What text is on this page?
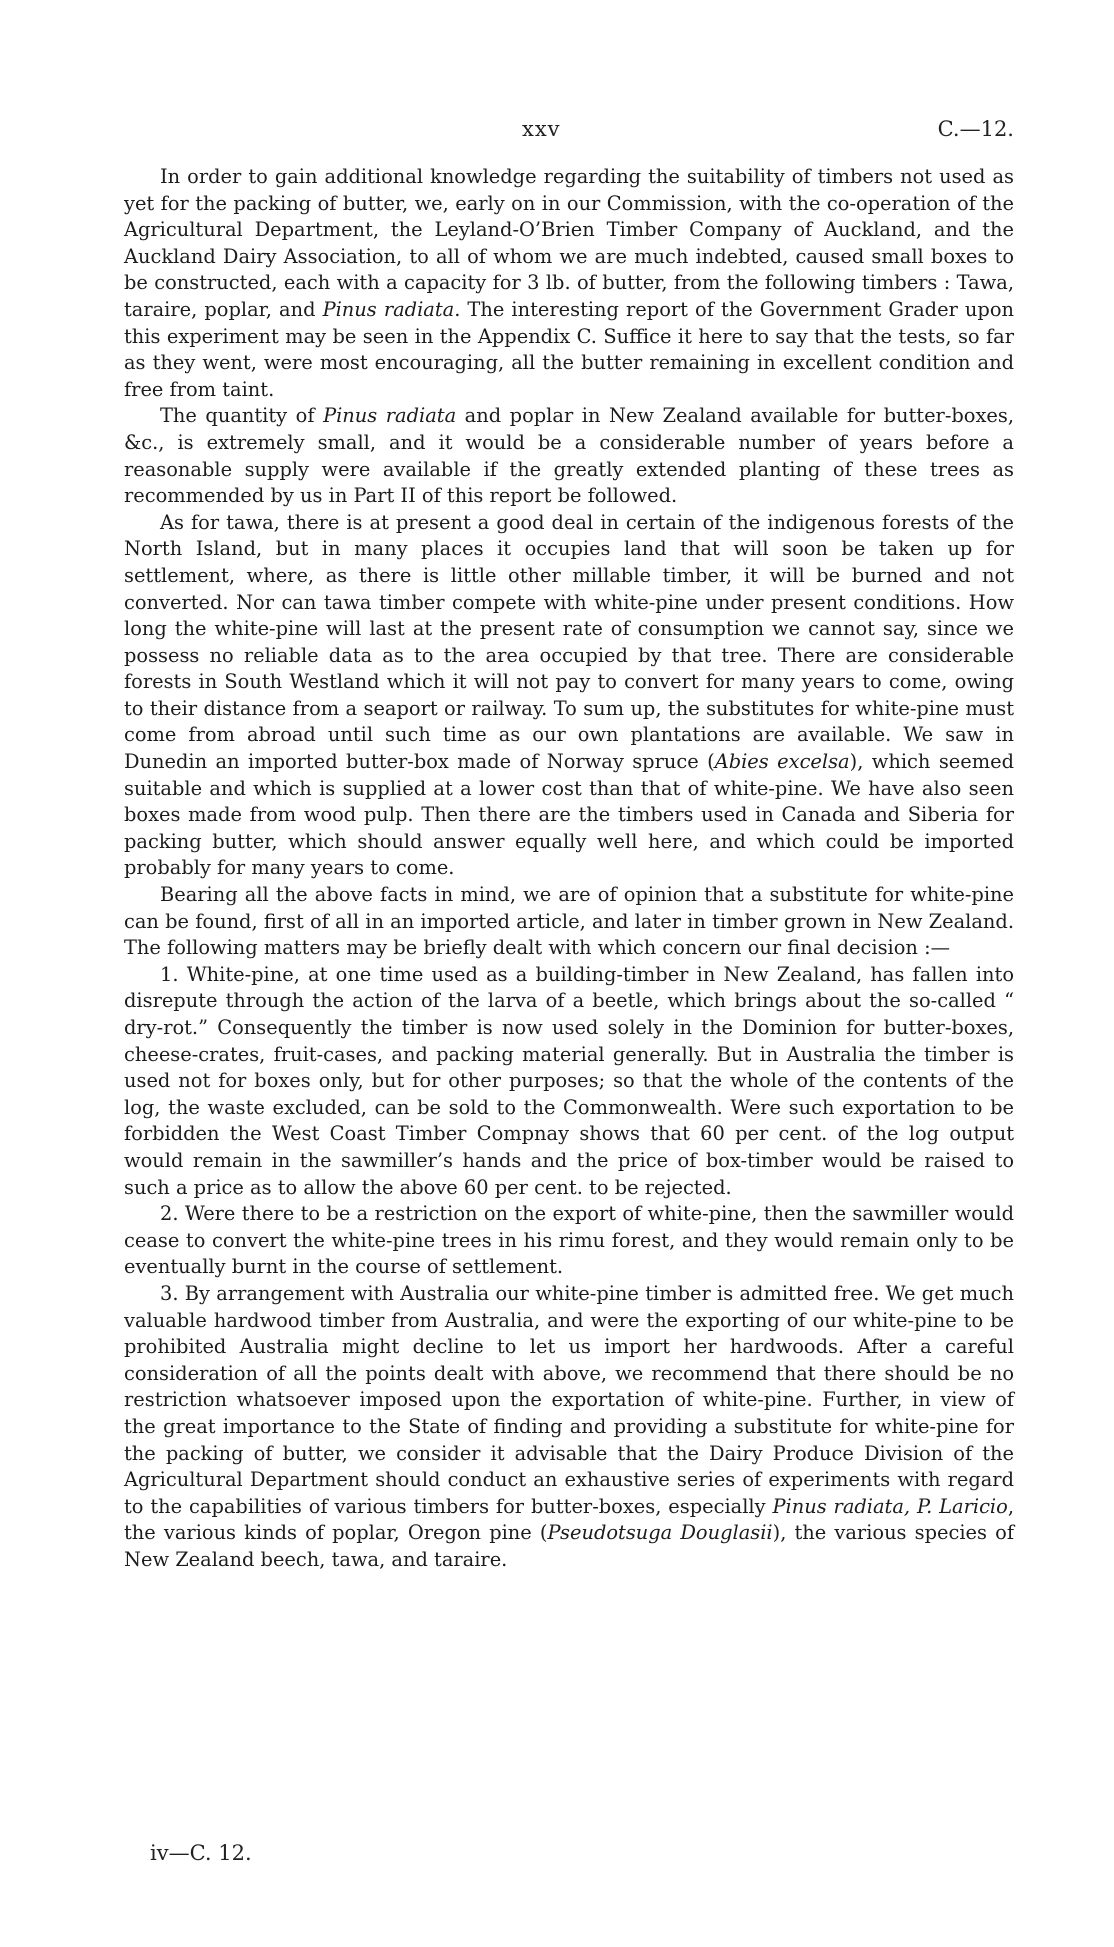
xxv	C.—12.

In order to gain additional knowledge regarding the suitability of timbers not used as yet for the packing of butter, we, early on in our Commission, with the co-operation of the Agricultural Department, the Leyland-O’Brien Timber Company of Auckland, and the Auckland Dairy Association, to all of whom we are much indebted, caused small boxes to be constructed, each with a capacity for 3 lb. of butter, from the following timbers : Tawa, taraire, poplar, and Pinus radiata. The interesting report of the Government Grader upon this experiment may be seen in the Appendix C. Suffice it here to say that the tests, so far as they went, were most encouraging, all the butter remaining in excellent condition and free from taint.

The quantity of Pinus radiata and poplar in New Zealand available for butter-boxes, &c., is extremely small, and it would be a considerable number of years before a reasonable supply were available if the greatly extended planting of these trees as recommended by us in Part II of this report be followed.

As for tawa, there is at present a good deal in certain of the indigenous forests of the North Island, but in many places it occupies land that will soon be taken up for settlement, where, as there is little other millable timber, it will be burned and not converted. Nor can tawa timber compete with white-pine under present conditions. How long the white-pine will last at the present rate of consumption we cannot say, since we possess no reliable data as to the area occupied by that tree. There are considerable forests in South Westland which it will not pay to convert for many years to come, owing to their distance from a seaport or railway. To sum up, the substitutes for white-pine must come from abroad until such time as our own plantations are available. We saw in Dunedin an imported butter-box made of Norway spruce (Abies excelsa), which seemed suitable and which is supplied at a lower cost than that of white-pine. We have also seen boxes made from wood pulp. Then there are the timbers used in Canada and Siberia for packing butter, which should answer equally well here, and which could be imported probably for many years to come.

Bearing all the above facts in mind, we are of opinion that a substitute for white-pine can be found, first of all in an imported article, and later in timber grown in New Zealand. The following matters may be briefly dealt with which concern our final decision :—

1. White-pine, at one time used as a building-timber in New Zealand, has fallen into disrepute through the action of the larva of a beetle, which brings about the so-called “ dry-rot.” Consequently the timber is now used solely in the Dominion for butter-boxes, cheese-crates, fruit-cases, and packing material generally. But in Australia the timber is used not for boxes only, but for other purposes; so that the whole of the contents of the log, the waste excluded, can be sold to the Commonwealth. Were such exportation to be forbidden the West Coast Timber Compnay shows that 60 per cent. of the log output would remain in the sawmiller’s hands and the price of box-timber would be raised to such a price as to allow the above 60 per cent. to be rejected.

2. Were there to be a restriction on the export of white-pine, then the sawmiller would cease to convert the white-pine trees in his rimu forest, and they would remain only to be eventually burnt in the course of settlement.

3. By arrangement with Australia our white-pine timber is admitted free. We get much valuable hardwood timber from Australia, and were the exporting of our white-pine to be prohibited Australia might decline to let us import her hardwoods. After a careful consideration of all the points dealt with above, we recommend that there should be no restriction whatsoever imposed upon the exportation of white-pine. Further, in view of the great importance to the State of finding and providing a substitute for white-pine for the packing of butter, we consider it advisable that the Dairy Produce Division of the Agricultural Department should conduct an exhaustive series of experiments with regard to the capabilities of various timbers for butter-boxes, especially Pinus radiata, P. Laricio, the various kinds of poplar, Oregon pine (Pseudotsuga Douglasii), the various species of New Zealand beech, tawa, and taraire.

iv—C. 12.
